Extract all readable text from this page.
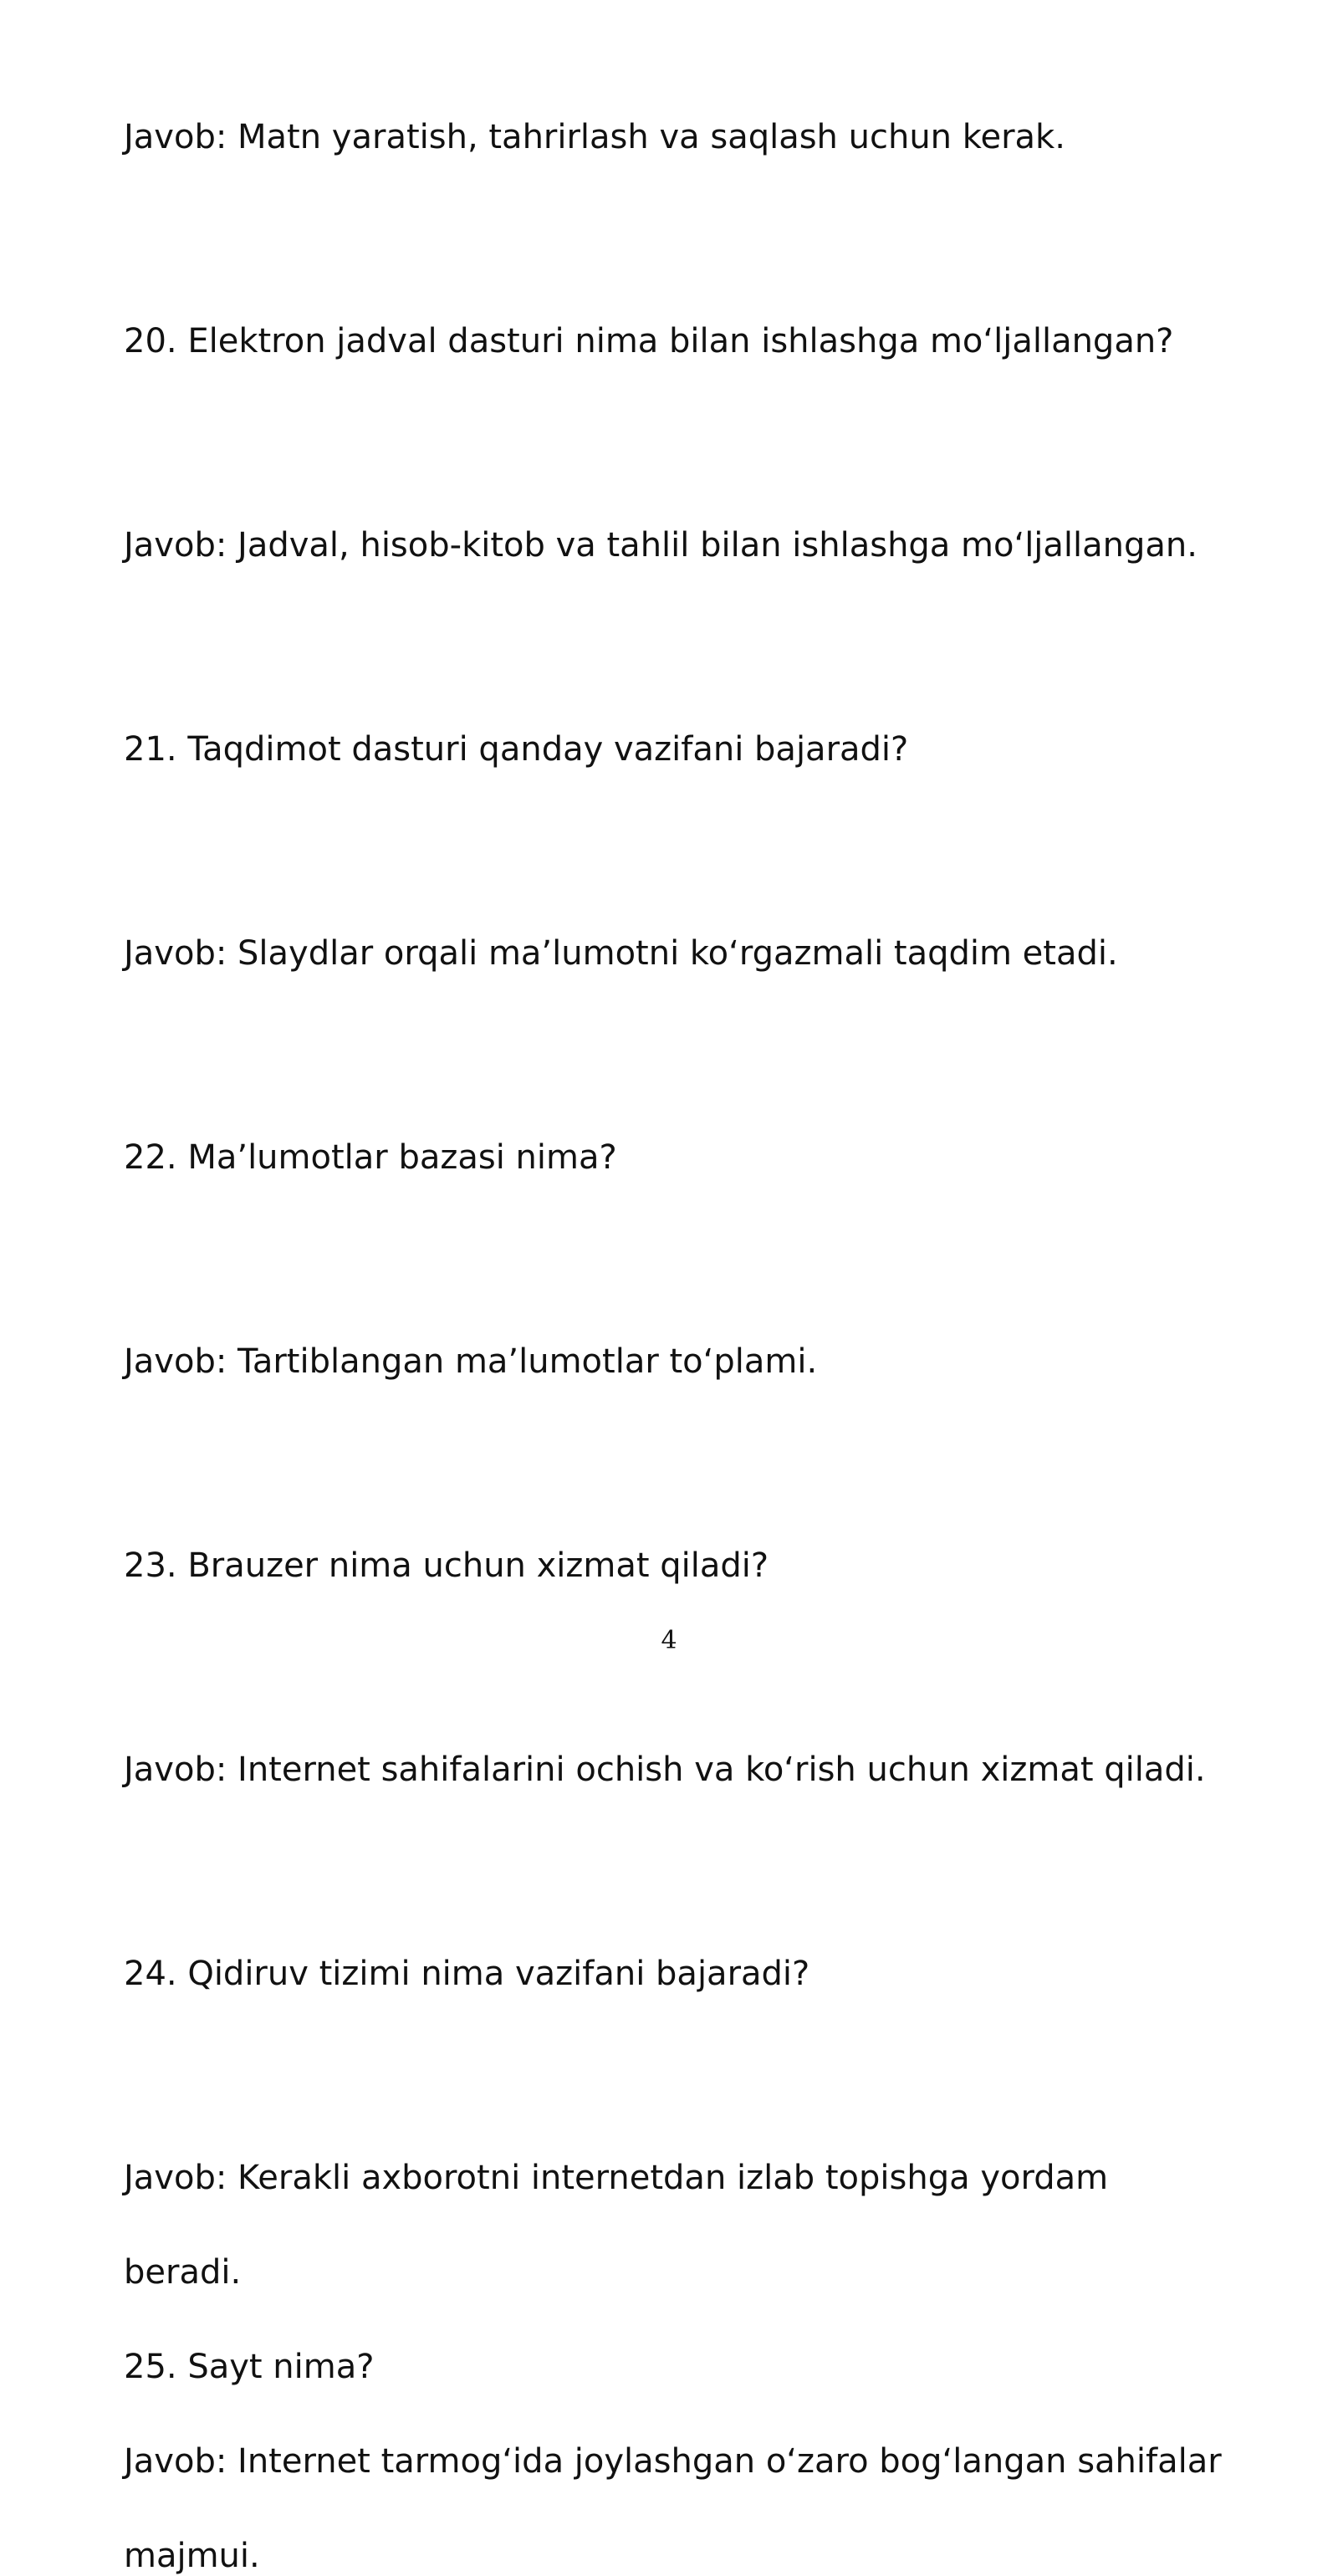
Javob: Matn yaratish, tahrirlash va saqlash uchun kerak.
20. Elektron jadval dasturi nima bilan ishlashga mo‘ljallangan?
Javob: Jadval, hisob-kitob va tahlil bilan ishlashga mo‘ljallangan.
21. Taqdimot dasturi qanday vazifani bajaradi?
Javob: Slaydlar orqali ma’lumotni ko‘rgazmali taqdim etadi.
22. Ma’lumotlar bazasi nima?
Javob: Tartiblangan ma’lumotlar to‘plami.
23. Brauzer nima uchun xizmat qiladi?
Javob: Internet sahifalarini ochish va ko‘rish uchun xizmat qiladi.
24. Qidiruv tizimi nima vazifani bajaradi?
Javob: Kerakli axborotni internetdan izlab topishga yordam
beradi.
25. Sayt nima?
Javob: Internet tarmog‘ida joylashgan o‘zaro bog‘langan sahifalar
majmui.
4
